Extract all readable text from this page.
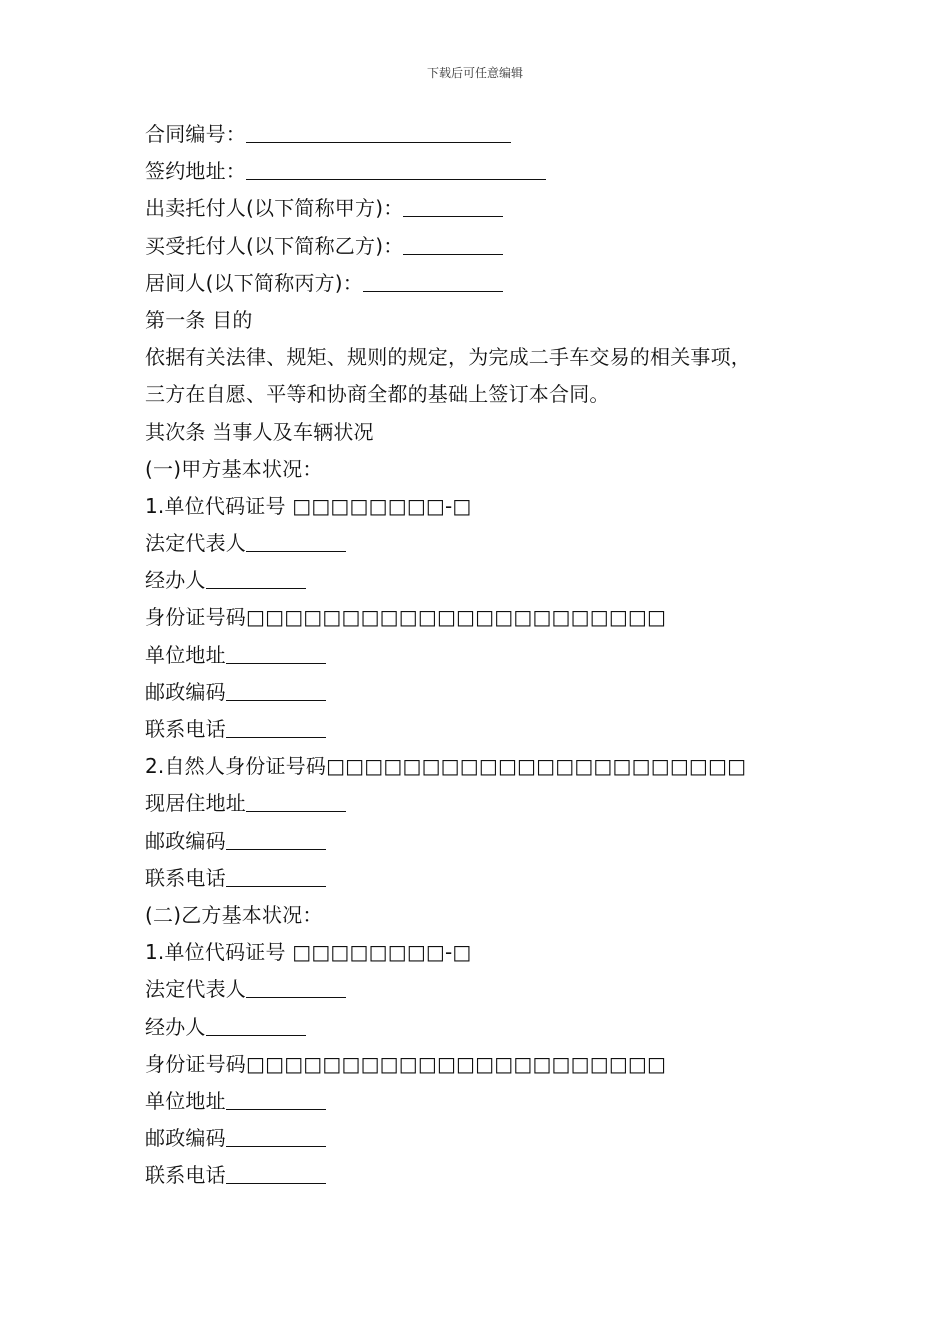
下载后可任意编辑
合同编号：
签约地址：
出卖托付人(以下简称甲方)：
买受托付人(以下简称乙方)：
居间人(以下简称丙方)：
第一条 目的
依据有关法律、规矩、规则的规定，为完成二手车交易的相关事项，
三方在自愿、平等和协商全都的基础上签订本合同。
其次条 当事人及车辆状况
(一)甲方基本状况：
1.单位代码证号 □□□□□□□□-□
法定代表人
经办人
身份证号码□□□□□□□□□□□□□□□□□□□□□□
单位地址
邮政编码
联系电话
2.自然人身份证号码□□□□□□□□□□□□□□□□□□□□□□
现居住地址
邮政编码
联系电话
(二)乙方基本状况：
1.单位代码证号 □□□□□□□□-□
法定代表人
经办人
身份证号码□□□□□□□□□□□□□□□□□□□□□□
单位地址
邮政编码
联系电话
